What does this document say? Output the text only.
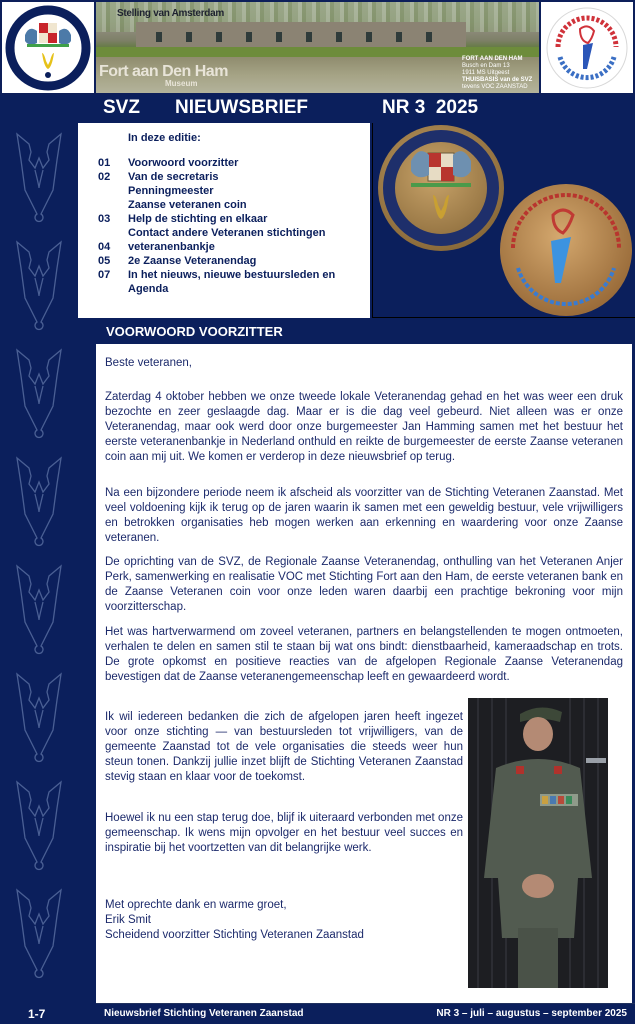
Stelling van Amsterdam
Fort aan Den Ham
Museum
FORT AAN DEN HAM
Busch en Dam 13
1911 MS Uitgeest
THUISBASIS van de SVZ
tevens VOC ZAANSTAD
SVZ NIEUWSBRIEF	NR 3  2025
In deze editie:
01 Voorwoord voorzitter
02 Van de secretaris
Penningmeester
Zaanse veteranen coin
03 Help de stichting en elkaar
Contact andere Veteranen stichtingen
04 veteranenbankje
05 2e Zaanse Veteranendag
07 In het nieuws, nieuwe bestuursleden en
Agenda
VOORWOORD VOORZITTER
Beste veteranen,
Zaterdag 4 oktober hebben we onze tweede lokale Veteranendag gehad en het was weer een druk bezochte en zeer geslaagde dag. Maar er is die dag veel gebeurd. Niet alleen was er onze Veteranendag, maar ook werd door onze burgemeester Jan Hamming samen met het bestuur het eerste veteranenbankje in Nederland onthuld en reikte de burgemeester de eerste Zaanse veteranen coin aan mij uit. We komen er verderop in deze nieuwsbrief op terug.
Na een bijzondere periode neem ik afscheid als voorzitter van de Stichting Veteranen Zaanstad. Met veel voldoening kijk ik terug op de jaren waarin ik samen met een geweldig bestuur, vele vrijwilligers en betrokken organisaties heb mogen werken aan erkenning en waardering voor onze Zaanse veteranen.
De oprichting van de SVZ, de Regionale Zaanse Veteranendag, onthulling van het Veteranen Anjer Perk, samenwerking en realisatie VOC met Stichting Fort aan den Ham, de eerste veteranen bank en de Zaanse Veteranen coin voor onze leden waren daarbij een prachtige bekroning voor mijn voorzitterschap.
Het was hartverwarmend om zoveel veteranen, partners en belangstellenden te mogen ontmoeten, verhalen te delen en samen stil te staan bij wat ons bindt: dienstbaarheid, kameraadschap en trots. De grote opkomst en positieve reacties van de afgelopen Regionale Zaanse Veteranendag bevestigen dat de Zaanse veteranengemeenschap leeft en gewaardeerd wordt.
Ik wil iedereen bedanken die zich de afgelopen jaren heeft ingezet voor onze stichting — van bestuursleden tot vrijwilligers, van de gemeente Zaanstad tot de vele organisaties die steeds weer hun steun tonen. Dankzij jullie inzet blijft de Stichting Veteranen Zaanstad stevig staan en klaar voor de toekomst.
Hoewel ik nu een stap terug doe, blijf ik uiteraard verbonden met onze gemeenschap. Ik wens mijn opvolger en het bestuur veel succes en inspiratie bij het voortzetten van dit belangrijke werk.
Met oprechte dank en warme groet,
Erik Smit
Scheidend voorzitter Stichting Veteranen Zaanstad
1-7	Nieuwsbrief Stichting Veteranen Zaanstad	NR 3 – juli – augustus – september 2025
